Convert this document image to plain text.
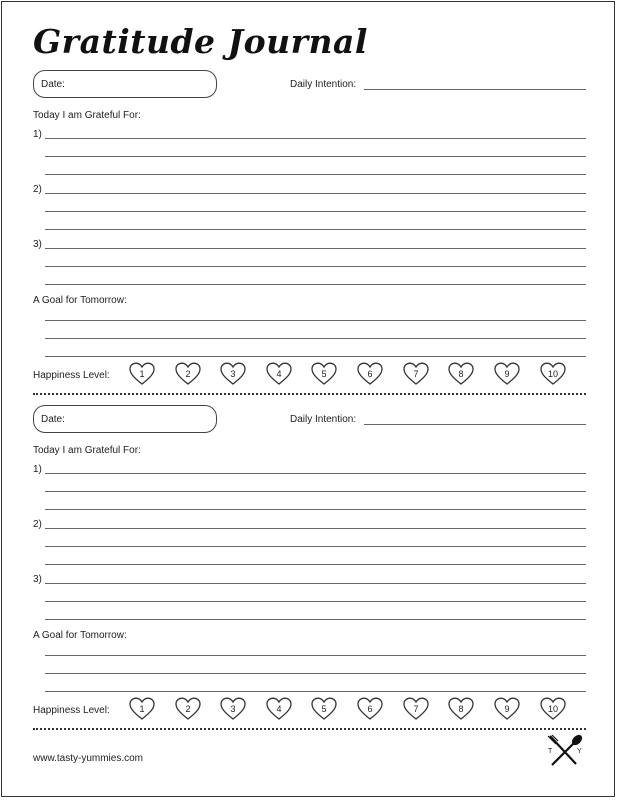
Gratitude Journal
Date:	Daily Intention:
Today I am Grateful For:
1)
2)
3)
A Goal for Tomorrow:
Happiness Level:	1	2	3	4	5	6	7	8	9	10
Date:	Daily Intention:
Today I am Grateful For:
1)
2)
3)
A Goal for Tomorrow:
Happiness Level:	1	2	3	4	5	6	7	8	9	10
www.tasty-yummies.com
T	Y
